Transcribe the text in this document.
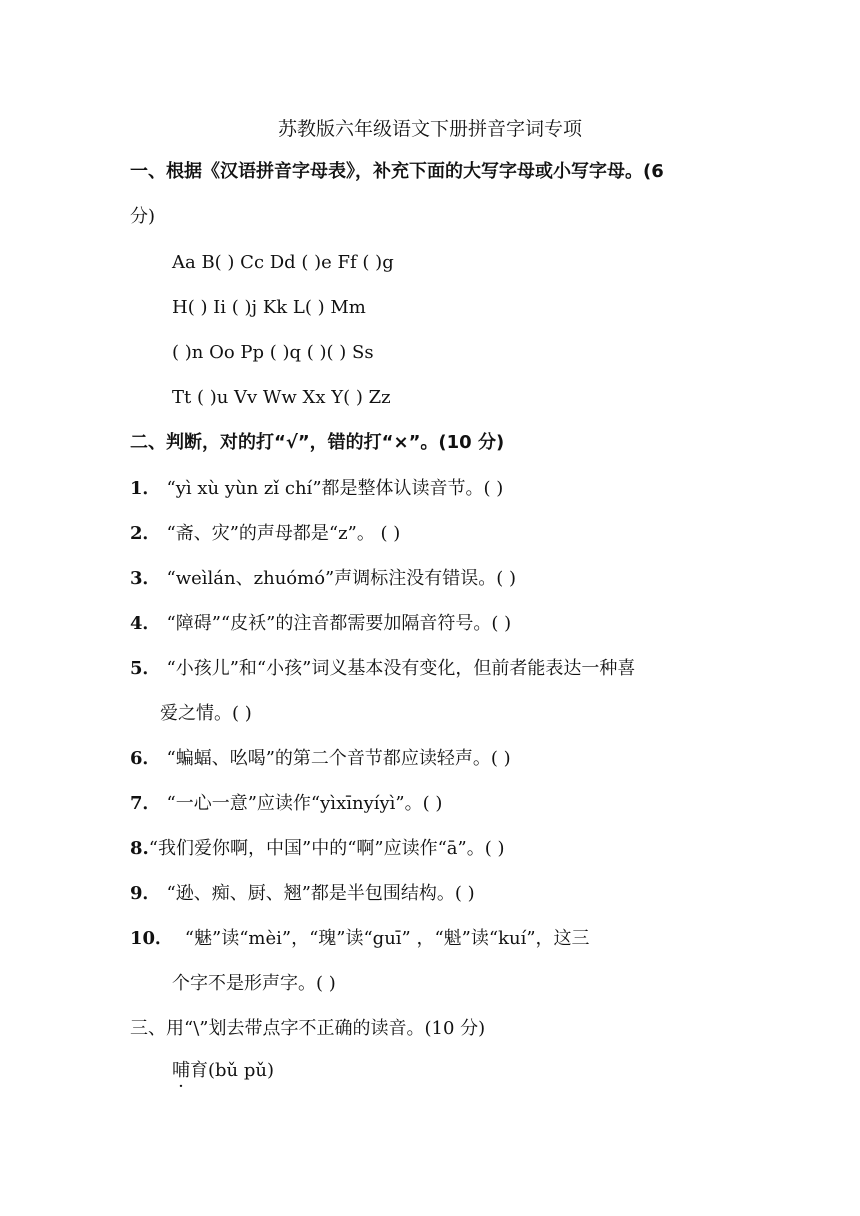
苏教版六年级语文下册拼音字词专项
一、根据《汉语拼音字母表》，补充下面的大写字母或小写字母。(6
分)
Aa B( ) Cc Dd ( )e Ff ( )g
H( ) Ii ( )j Kk L( ) Mm
( )n Oo Pp ( )q ( )( ) Ss
Tt ( )u Vv Ww Xx Y( ) Zz
二、判断，对的打“√”，错的打“×”。(10 分)
1． “yì xù yùn zǐ chí”都是整体认读音节。( )
2． “斋、灾”的声母都是“z”。 ( )
3． “weìlán、zhuómó”声调标注没有错误。( )
4． “障碍”“皮袄”的注音都需要加隔音符号。( )
5． “小孩儿”和“小孩”词义基本没有变化，但前者能表达一种喜
爱之情。( )
6． “蝙蝠、吆喝”的第二个音节都应读轻声。( )
7． “一心一意”应读作“yìxīnyíyì”。( )
8.“我们爱你啊，中国”中的“啊”应读作“ā”。( )
9． “逊、痴、厨、翘”都是半包围结构。( )
10． “魅”读“mèi”，“瑰”读“guī” ，“魁”读“kuí”，这三
个字不是形声字。( )
三、用“\”划去带点字不正确的读音。(10 分)
哺育(bǔ pǔ)
